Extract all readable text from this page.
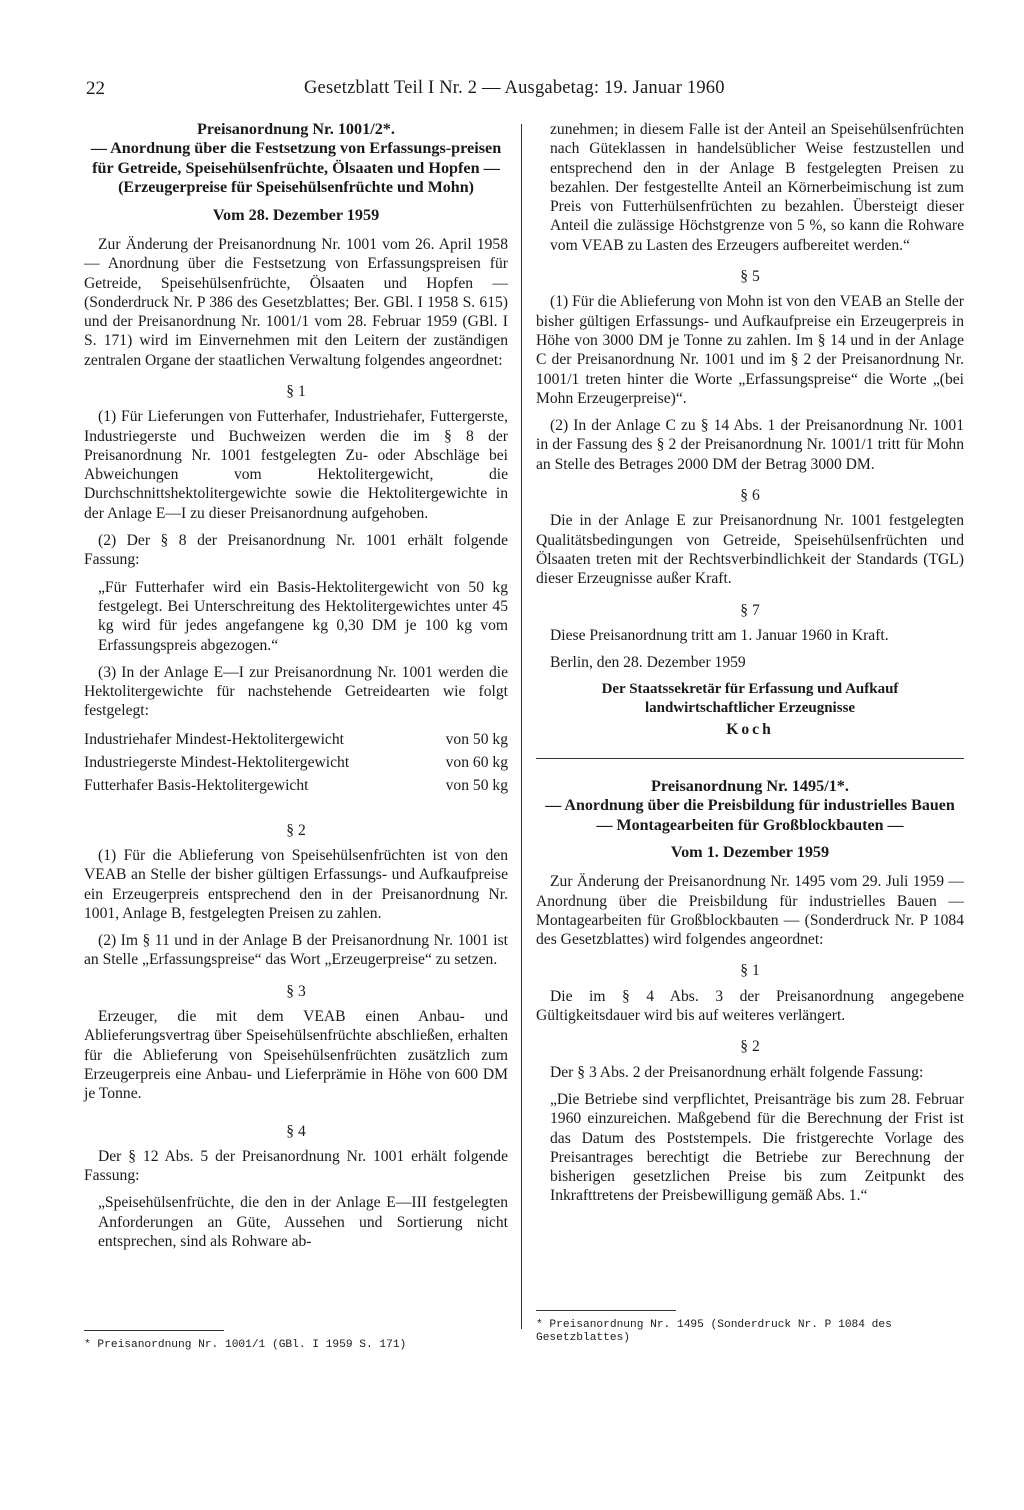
22	Gesetzblatt Teil I Nr. 2 — Ausgabetag: 19. Januar 1960

Preisanordnung Nr. 1001/2*.

— Anordnung über die Festsetzung von Erfassungs-preisen für Getreide, Speisehülsenfrüchte, Ölsaaten und Hopfen —

(Erzeugerpreise für Speisehülsenfrüchte und Mohn)

Vom 28. Dezember 1959

Zur Änderung der Preisanordnung Nr. 1001 vom 26. April 1958 — Anordnung über die Festsetzung von Erfassungspreisen für Getreide, Speisehülsenfrüchte, Ölsaaten und Hopfen — (Sonderdruck Nr. P 386 des Gesetzblattes; Ber. GBl. I 1958 S. 615) und der Preisanordnung Nr. 1001/1 vom 28. Februar 1959 (GBl. I S. 171) wird im Einvernehmen mit den Leitern der zuständigen zentralen Organe der staatlichen Verwaltung folgendes angeordnet:

§ 1

(1) Für Lieferungen von Futterhafer, Industriehafer, Futtergerste, Industriegerste und Buchweizen werden die im § 8 der Preisanordnung Nr. 1001 festgelegten Zu- oder Abschläge bei Abweichungen vom Hektolitergewicht, die Durchschnittshektolitergewichte sowie die Hektolitergewichte in der Anlage E—I zu dieser Preisanordnung aufgehoben.

(2) Der § 8 der Preisanordnung Nr. 1001 erhält folgende Fassung:

„Für Futterhafer wird ein Basis-Hektolitergewicht von 50 kg festgelegt. Bei Unterschreitung des Hektolitergewichtes unter 45 kg wird für jedes angefangene kg 0,30 DM je 100 kg vom Erfassungspreis abgezogen.“

(3) In der Anlage E—I zur Preisanordnung Nr. 1001 werden die Hektolitergewichte für nachstehende Getreidearten wie folgt festgelegt:

Industriehafer Mindest-Hektolitergewicht	von 50 kg
Industriegerste Mindest-Hektolitergewicht	von 60 kg
Futterhafer Basis-Hektolitergewicht	von 50 kg

§ 2

(1) Für die Ablieferung von Speisehülsenfrüchten ist von den VEAB an Stelle der bisher gültigen Erfassungs- und Aufkaufpreise ein Erzeugerpreis entsprechend den in der Preisanordnung Nr. 1001, Anlage B, festgelegten Preisen zu zahlen.

(2) Im § 11 und in der Anlage B der Preisanordnung Nr. 1001 ist an Stelle „Erfassungspreise“ das Wort „Erzeugerpreise“ zu setzen.

§ 3

Erzeuger, die mit dem VEAB einen Anbau- und Ablieferungsvertrag über Speisehülsenfrüchte abschließen, erhalten für die Ablieferung von Speisehülsenfrüchten zusätzlich zum Erzeugerpreis eine Anbau- und Lieferprämie in Höhe von 600 DM je Tonne.

§ 4

Der § 12 Abs. 5 der Preisanordnung Nr. 1001 erhält folgende Fassung:

„Speisehülsenfrüchte, die den in der Anlage E—III festgelegten Anforderungen an Güte, Aussehen und Sortierung nicht entsprechen, sind als Rohware ab-

zunehmen; in diesem Falle ist der Anteil an Speisehülsenfrüchten nach Güteklassen in handelsüblicher Weise festzustellen und entsprechend den in der Anlage B festgelegten Preisen zu bezahlen. Der festgestellte Anteil an Körnerbeimischung ist zum Preis von Futterhülsenfrüchten zu bezahlen. Übersteigt dieser Anteil die zulässige Höchstgrenze von 5 %, so kann die Rohware vom VEAB zu Lasten des Erzeugers aufbereitet werden.“

§ 5

(1) Für die Ablieferung von Mohn ist von den VEAB an Stelle der bisher gültigen Erfassungs- und Aufkaufpreise ein Erzeugerpreis in Höhe von 3000 DM je Tonne zu zahlen. Im § 14 und in der Anlage C der Preisanordnung Nr. 1001 und im § 2 der Preisanordnung Nr. 1001/1 treten hinter die Worte „Erfassungspreise“ die Worte „(bei Mohn Erzeugerpreise)“.

(2) In der Anlage C zu § 14 Abs. 1 der Preisanordnung Nr. 1001 in der Fassung des § 2 der Preisanordnung Nr. 1001/1 tritt für Mohn an Stelle des Betrages 2000 DM der Betrag 3000 DM.

§ 6

Die in der Anlage E zur Preisanordnung Nr. 1001 festgelegten Qualitätsbedingungen von Getreide, Speisehülsenfrüchten und Ölsaaten treten mit der Rechtsverbindlichkeit der Standards (TGL) dieser Erzeugnisse außer Kraft.

§ 7

Diese Preisanordnung tritt am 1. Januar 1960 in Kraft.

Berlin, den 28. Dezember 1959

Der Staatssekretär für Erfassung und Aufkauf landwirtschaftlicher Erzeugnisse

Koch

Preisanordnung Nr. 1495/1*.

— Anordnung über die Preisbildung für industrielles Bauen — Montagearbeiten für Großblockbauten —

Vom 1. Dezember 1959

Zur Änderung der Preisanordnung Nr. 1495 vom 29. Juli 1959 — Anordnung über die Preisbildung für industrielles Bauen — Montagearbeiten für Großblockbauten — (Sonderdruck Nr. P 1084 des Gesetzblattes) wird folgendes angeordnet:

§ 1

Die im § 4 Abs. 3 der Preisanordnung angegebene Gültigkeitsdauer wird bis auf weiteres verlängert.

§ 2

Der § 3 Abs. 2 der Preisanordnung erhält folgende Fassung:

„Die Betriebe sind verpflichtet, Preisanträge bis zum 28. Februar 1960 einzureichen. Maßgebend für die Berechnung der Frist ist das Datum des Poststempels. Die fristgerechte Vorlage des Preisantrages berechtigt die Betriebe zur Berechnung der bisherigen gesetzlichen Preise bis zum Zeitpunkt des Inkrafttretens der Preisbewilligung gemäß Abs. 1.“

* Preisanordnung Nr. 1001/1 (GBl. I 1959 S. 171)
* Preisanordnung Nr. 1495 (Sonderdruck Nr. P 1084 des Gesetzblattes)
